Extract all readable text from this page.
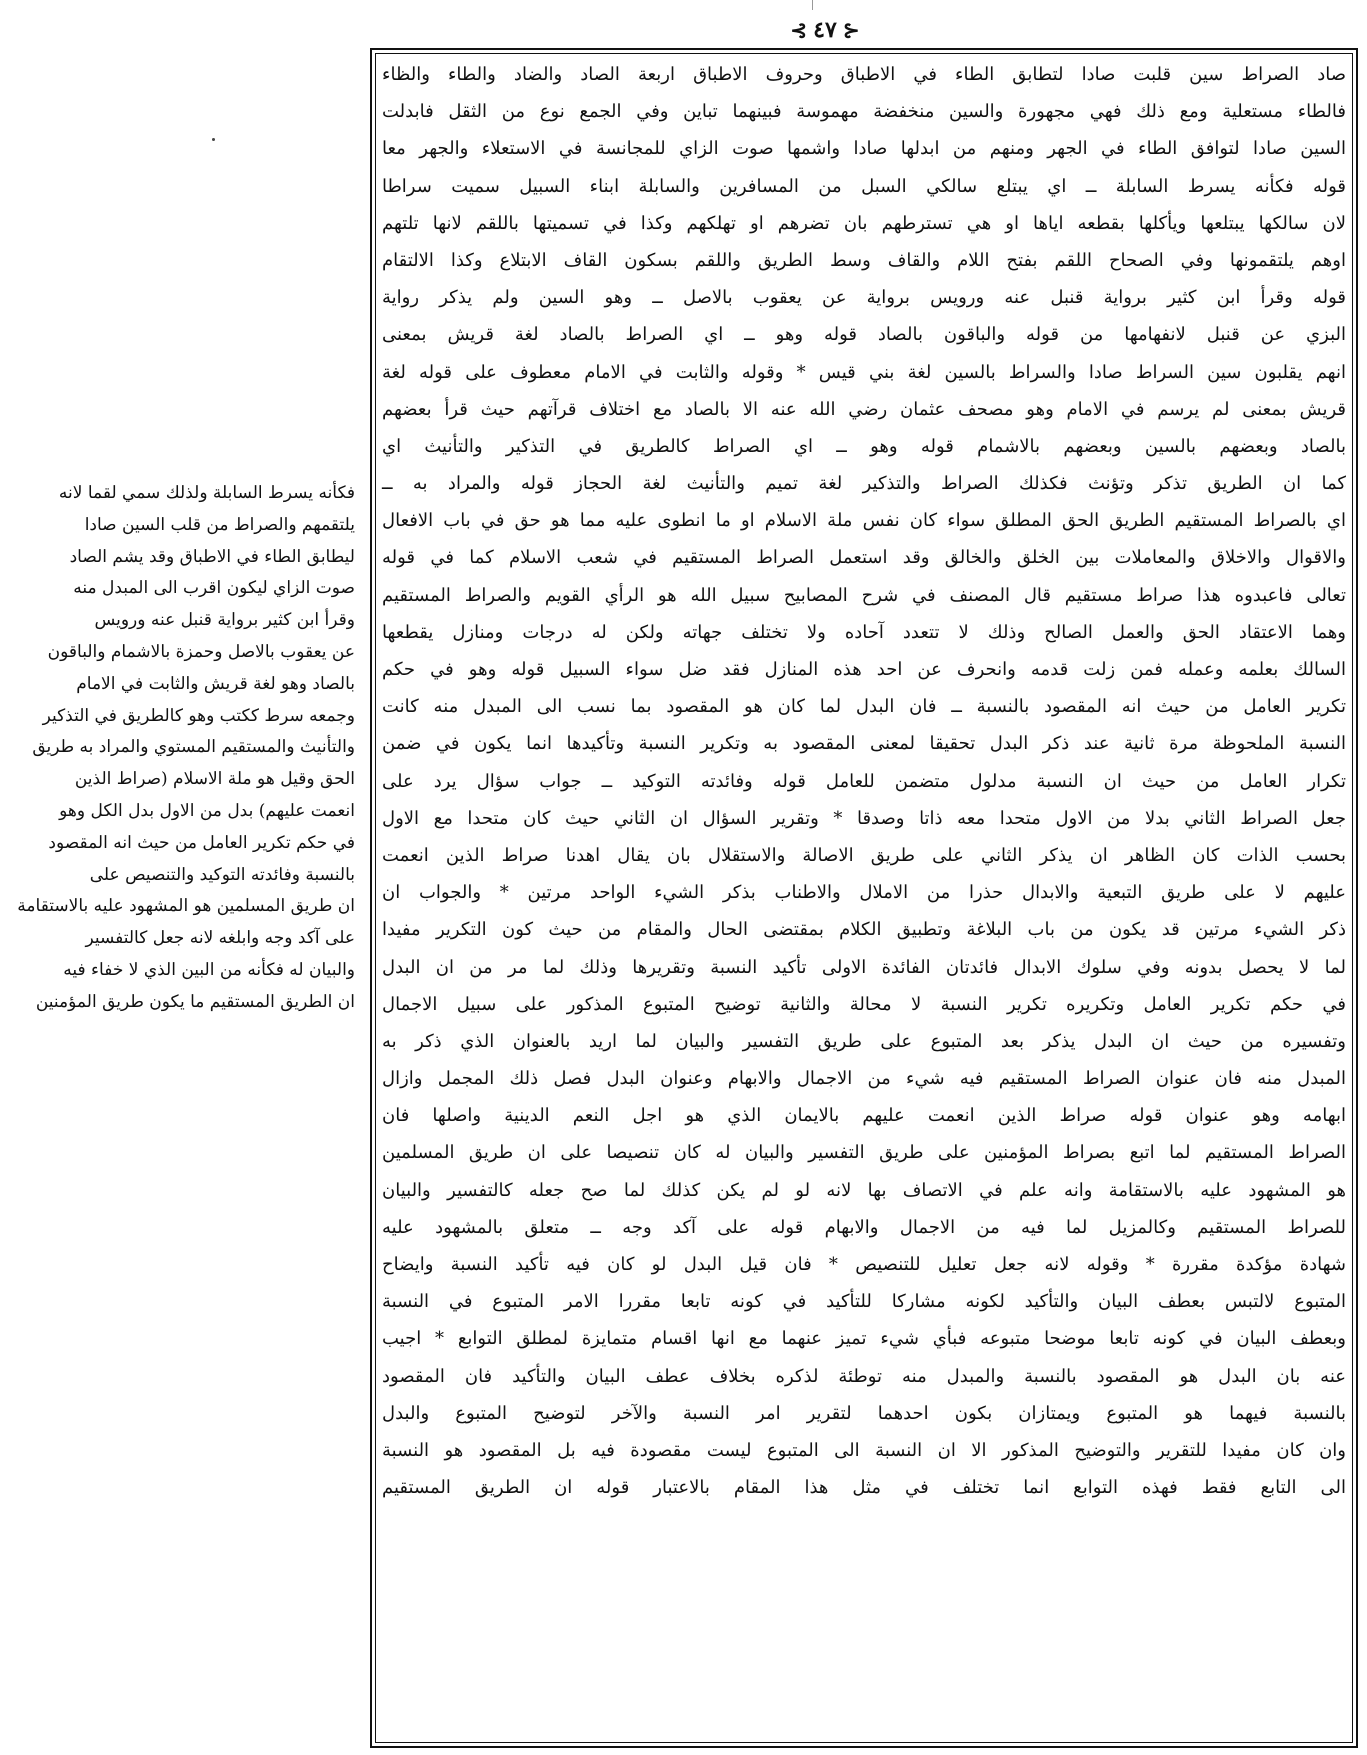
⊰ ٤٧ ⊱
فكأنه يسرط السابلة ولذلك سمي لقما لانه
يلتقمهم والصراط من قلب السين صادا
ليطابق الطاء في الاطباق وقد يشم الصاد
صوت الزاي ليكون اقرب الى المبدل منه
وقرأ ابن كثير برواية قنبل عنه ورويس
عن يعقوب بالاصل وحمزة بالاشمام والباقون
بالصاد وهو لغة قريش والثابت في الامام
وجمعه سرط ككتب وهو كالطريق في التذكير
والتأنيث والمستقيم المستوي والمراد به طريق
الحق وقيل هو ملة الاسلام (صراط الذين
انعمت عليهم) بدل من الاول بدل الكل وهو
في حكم تكرير العامل من حيث انه المقصود
بالنسبة وفائدته التوكيد والتنصيص على
ان طريق المسلمين هو المشهود عليه بالاستقامة
على آكد وجه وابلغه لانه جعل كالتفسير
والبيان له فكأنه من البين الذي لا خفاء فيه
ان الطريق المستقيم ما يكون طريق المؤمنين
صاد الصراط سين قلبت صادا لتطابق الطاء في الاطباق وحروف الاطباق اربعة الصاد والضاد والطاء والظاء
فالطاء مستعلية ومع ذلك فهي مجهورة والسين منخفضة مهموسة فبينهما تباين وفي الجمع نوع من الثقل فابدلت
السين صادا لتوافق الطاء في الجهر ومنهم من ابدلها صادا واشمها صوت الزاي للمجانسة في الاستعلاء والجهر معا
قوله فكأنه يسرط السابلة ــ اي يبتلع سالكي السبل من المسافرين والسابلة ابناء السبيل سميت سراطا
لان سالكها يبتلعها ويأكلها بقطعه اياها او هي تسترطهم بان تضرهم او تهلكهم وكذا في تسميتها باللقم لانها تلتهم
اوهم يلتقمونها وفي الصحاح اللقم بفتح اللام والقاف وسط الطريق واللقم بسكون القاف الابتلاع وكذا الالتقام
قوله وقرأ ابن كثير برواية قنبل عنه ورويس برواية عن يعقوب بالاصل ــ وهو السين ولم يذكر رواية
البزي عن قنبل لانفهامها من قوله والباقون بالصاد قوله وهو ــ اي الصراط بالصاد لغة قريش بمعنى
انهم يقلبون سين السراط صادا والسراط بالسين لغة بني قيس * وقوله والثابت في الامام معطوف على قوله لغة
قريش بمعنى لم يرسم في الامام وهو مصحف عثمان رضي الله عنه الا بالصاد مع اختلاف قرآتهم حيث قرأ بعضهم
بالصاد وبعضهم بالسين وبعضهم بالاشمام قوله وهو ــ اي الصراط كالطريق في التذكير والتأنيث اي
كما ان الطريق تذكر وتؤنث فكذلك الصراط والتذكير لغة تميم والتأنيث لغة الحجاز قوله والمراد به ــ
اي بالصراط المستقيم الطريق الحق المطلق سواء كان نفس ملة الاسلام او ما انطوى عليه مما هو حق في باب الافعال
والاقوال والاخلاق والمعاملات بين الخلق والخالق وقد استعمل الصراط المستقيم في شعب الاسلام كما في قوله
تعالى فاعبدوه هذا صراط مستقيم قال المصنف في شرح المصابيح سبيل الله هو الرأي القويم والصراط المستقيم
وهما الاعتقاد الحق والعمل الصالح وذلك لا تتعدد آحاده ولا تختلف جهاته ولكن له درجات ومنازل يقطعها
السالك بعلمه وعمله فمن زلت قدمه وانحرف عن احد هذه المنازل فقد ضل سواء السبيل قوله وهو في حكم
تكرير العامل من حيث انه المقصود بالنسبة ــ فان البدل لما كان هو المقصود بما نسب الى المبدل منه كانت
النسبة الملحوظة مرة ثانية عند ذكر البدل تحقيقا لمعنى المقصود به وتكرير النسبة وتأكيدها انما يكون في ضمن
تكرار العامل من حيث ان النسبة مدلول متضمن للعامل قوله وفائدته التوكيد ــ جواب سؤال يرد على
جعل الصراط الثاني بدلا من الاول متحدا معه ذاتا وصدقا * وتقرير السؤال ان الثاني حيث كان متحدا مع الاول
بحسب الذات كان الظاهر ان يذكر الثاني على طريق الاصالة والاستقلال بان يقال اهدنا صراط الذين انعمت
عليهم لا على طريق التبعية والابدال حذرا من الاملال والاطناب بذكر الشيء الواحد مرتين * والجواب ان
ذكر الشيء مرتين قد يكون من باب البلاغة وتطبيق الكلام بمقتضى الحال والمقام من حيث كون التكرير مفيدا
لما لا يحصل بدونه وفي سلوك الابدال فائدتان الفائدة الاولى تأكيد النسبة وتقريرها وذلك لما مر من ان البدل
في حكم تكرير العامل وتكريره تكرير النسبة لا محالة والثانية توضيح المتبوع المذكور على سبيل الاجمال
وتفسيره من حيث ان البدل يذكر بعد المتبوع على طريق التفسير والبيان لما اريد بالعنوان الذي ذكر به
المبدل منه فان عنوان الصراط المستقيم فيه شيء من الاجمال والابهام وعنوان البدل فصل ذلك المجمل وازال
ابهامه وهو عنوان قوله صراط الذين انعمت عليهم بالايمان الذي هو اجل النعم الدينية واصلها فان
الصراط المستقيم لما اتبع بصراط المؤمنين على طريق التفسير والبيان له كان تنصيصا على ان طريق المسلمين
هو المشهود عليه بالاستقامة وانه علم في الاتصاف بها لانه لو لم يكن كذلك لما صح جعله كالتفسير والبيان
للصراط المستقيم وكالمزيل لما فيه من الاجمال والابهام قوله على آكد وجه ــ متعلق بالمشهود عليه
شهادة مؤكدة مقررة * وقوله لانه جعل تعليل للتنصيص * فان قيل البدل لو كان فيه تأكيد النسبة وايضاح
المتبوع لالتبس بعطف البيان والتأكيد لكونه مشاركا للتأكيد في كونه تابعا مقررا الامر المتبوع في النسبة
وبعطف البيان في كونه تابعا موضحا متبوعه فبأي شيء تميز عنهما مع انها اقسام متمايزة لمطلق التوابع * اجيب
عنه بان البدل هو المقصود بالنسبة والمبدل منه توطئة لذكره بخلاف عطف البيان والتأكيد فان المقصود
بالنسبة فيهما هو المتبوع ويمتازان بكون احدهما لتقرير امر النسبة والآخر لتوضيح المتبوع والبدل
وان كان مفيدا للتقرير والتوضيح المذكور الا ان النسبة الى المتبوع ليست مقصودة فيه بل المقصود هو النسبة
الى التابع فقط فهذه التوابع انما تختلف في مثل هذا المقام بالاعتبار قوله ان الطريق المستقيم
